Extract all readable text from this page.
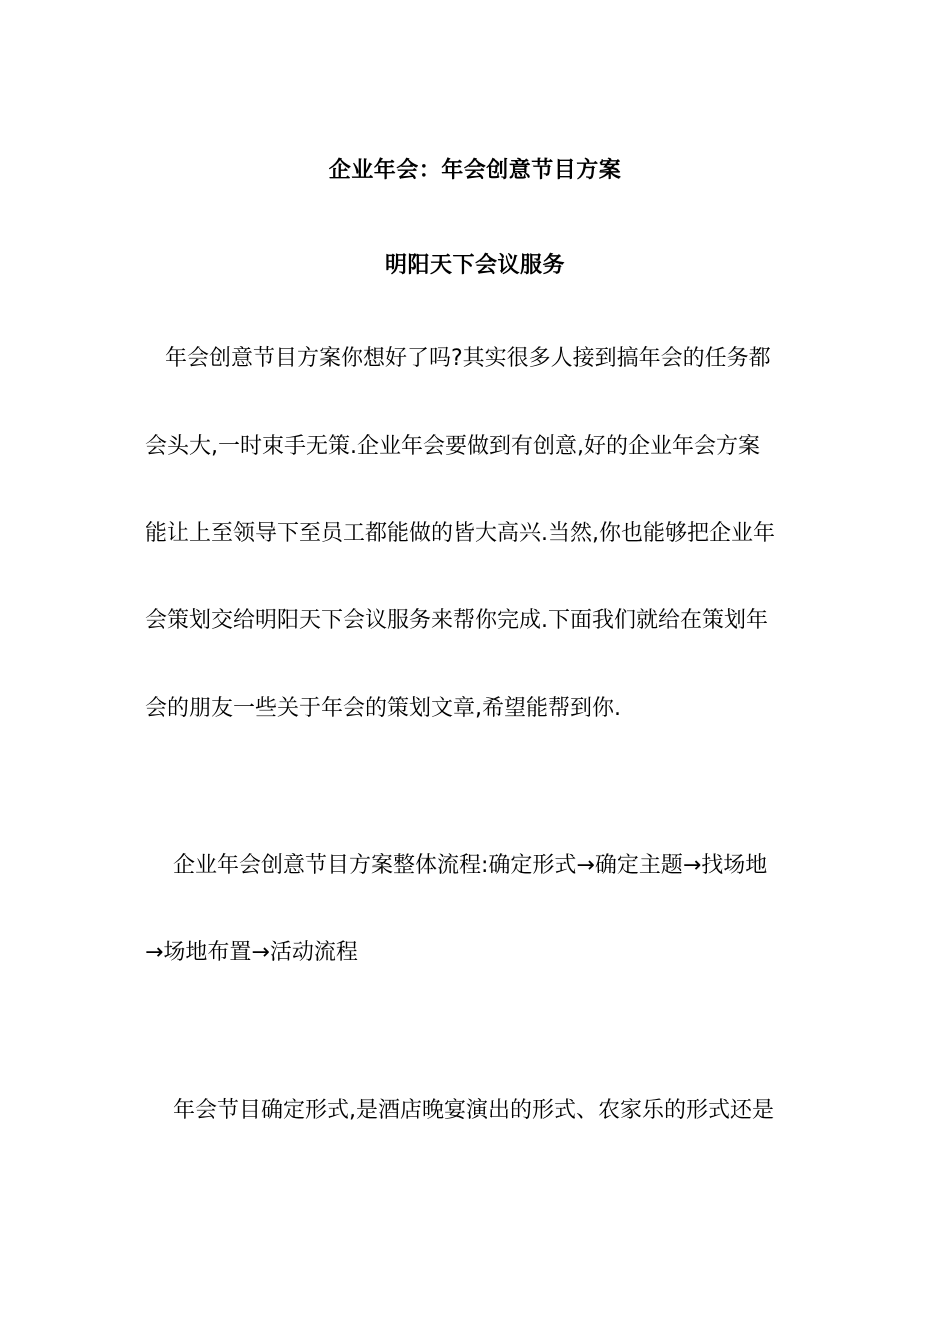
企业年会：年会创意节目方案
明阳天下会议服务
年会创意节目方案你想好了吗?其实很多人接到搞年会的任务都
会头大,一时束手无策.企业年会要做到有创意,好的企业年会方案
能让上至领导下至员工都能做的皆大高兴.当然,你也能够把企业年
会策划交给明阳天下会议服务来帮你完成.下面我们就给在策划年
会的朋友一些关于年会的策划文章,希望能帮到你.
企业年会创意节目方案整体流程:确定形式→确定主题→找场地
→场地布置→活动流程
年会节目确定形式,是酒店晚宴演出的形式、农家乐的形式还是
